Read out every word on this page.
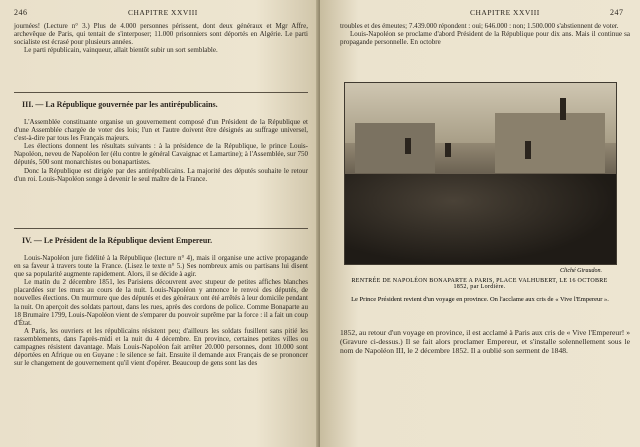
246	CHAPITRE XXVIII

journées! (Lecture n° 3.) Plus de 4.000 personnes périssent, dont deux généraux et Mgr Affre, archevêque de Paris, qui tentait de s'interposer; 11.000 prisonniers sont déportés en Algérie. Le parti socialiste est écrasé pour plusieurs années.

Le parti républicain, vainqueur, allait bientôt subir un sort semblable.

III. — La République gouvernée par les antirépublicains.

L'Assemblée constituante organise un gouvernement composé d'un Président de la République et d'une Assemblée chargée de voter des lois; l'un et l'autre doivent être désignés au suffrage universel, c'est-à-dire par tous les Français majeurs.

Les élections donnent les résultats suivants : à la présidence de la République, le prince Louis-Napoléon, neveu de Napoléon Ier (élu contre le général Cavaignac et Lamartine); à l'Assemblée, sur 750 députés, 500 sont monarchistes ou bonapartistes.

Donc la République est dirigée par des antirépublicains. La majorité des députés souhaite le retour d'un roi. Louis-Napoléon songe à devenir le seul maître de la France.

IV. — Le Président de la République devient Empereur.

Louis-Napoléon jure fidélité à la République (lecture n° 4), mais il organise une active propagande en sa faveur à travers toute la France. (Lisez le texte n° 5.) Ses nombreux amis ou partisans lui disent que sa popularité augmente rapidement. Alors, il se décide à agir.

Le matin du 2 décembre 1851, les Parisiens découvrent avec stupeur de petites affiches blanches placardées sur les murs au cours de la nuit. Louis-Napoléon y annonce le renvoi des députés, de nouvelles élections. On murmure que des députés et des généraux ont été arrêtés à leur domicile pendant la nuit. On aperçoit des soldats partout, dans les rues, après des cordons de police. Comme Bonaparte au 18 Brumaire 1799, Louis-Napoléon vient de s'emparer du pouvoir suprême par la force : il a fait un coup d'État.

A Paris, les ouvriers et les républicains résistent peu; d'ailleurs les soldats fusillent sans pitié les rassemblements, dans l'après-midi et la nuit du 4 décembre. En province, certaines petites villes ou campagnes résistent davantage. Mais Louis-Napoléon fait arrêter 20.000 personnes, dont 10.000 sont déportées en Afrique ou en Guyane : le silence se fait. Ensuite il demande aux Français de se prononcer sur le changement de gouvernement qu'il vient d'opérer. Beaucoup de gens sont las des

CHAPITRE XXVIII	247

troubles et des émeutes; 7.439.000 répondent : oui; 646.000 : non; 1.500.000 s'abstiennent de voter.

Louis-Napoléon se proclame d'abord Président de la République pour dix ans. Mais il continue sa propagande personnelle. En octobre

1852, au retour d'un voyage en province, il est acclamé à Paris aux cris de « Vive l'Empereur! » (Gravure ci-dessus.) Il se fait alors proclamer Empereur, et s'installe solennellement sous le nom de Napoléon III, le 2 décembre 1852. Il a oublié son serment de 1848.

Cliché Giraudon.
RENTRÉE DE NAPOLÉON BONAPARTE A PARIS, PLACE VALHUBERT, LE 16 OCTOBRE 1852, par Lordière.
Le Prince Président revient d'un voyage en province. On l'acclame aux cris de « Vive l'Empereur ».
